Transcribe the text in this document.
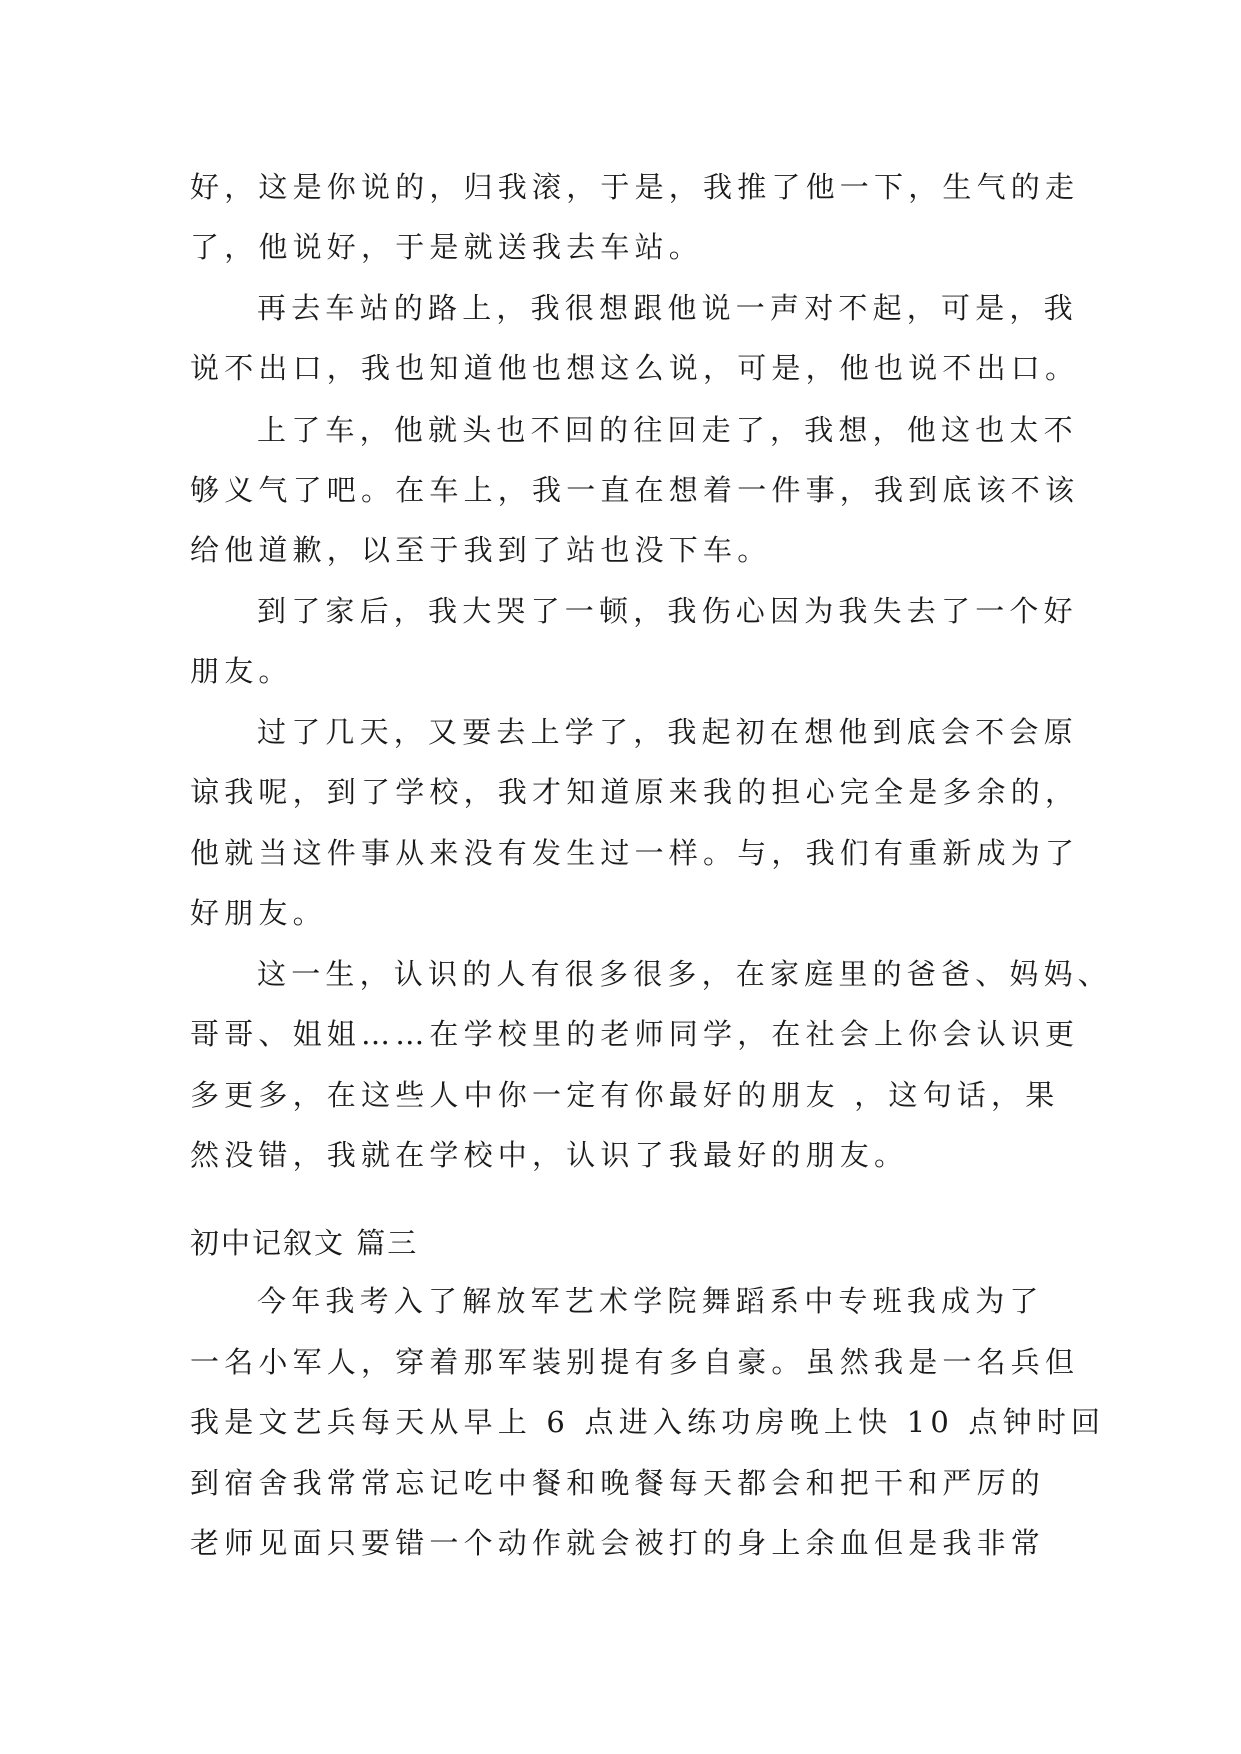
好，这是你说的，归我滚，于是，我推了他一下，生气的走
了，他说好，于是就送我去车站。
再去车站的路上，我很想跟他说一声对不起，可是，我
说不出口，我也知道他也想这么说，可是，他也说不出口。
上了车，他就头也不回的往回走了，我想，他这也太不
够义气了吧。在车上，我一直在想着一件事，我到底该不该
给他道歉，以至于我到了站也没下车。
到了家后，我大哭了一顿，我伤心因为我失去了一个好
朋友。
过了几天，又要去上学了，我起初在想他到底会不会原
谅我呢，到了学校，我才知道原来我的担心完全是多余的，
他就当这件事从来没有发生过一样。与，我们有重新成为了
好朋友。
这一生，认识的人有很多很多，在家庭里的爸爸、妈妈、
哥哥、姐姐……在学校里的老师同学，在社会上你会认识更
多更多，在这些人中你一定有你最好的朋友 ，这句话，果
然没错，我就在学校中，认识了我最好的朋友。
初中记叙文 篇三
今年我考入了解放军艺术学院舞蹈系中专班我成为了
一名小军人，穿着那军装别提有多自豪。虽然我是一名兵但
我是文艺兵每天从早上 6 点进入练功房晚上快 10 点钟时回
到宿舍我常常忘记吃中餐和晚餐每天都会和把干和严厉的
老师见面只要错一个动作就会被打的身上余血但是我非常
